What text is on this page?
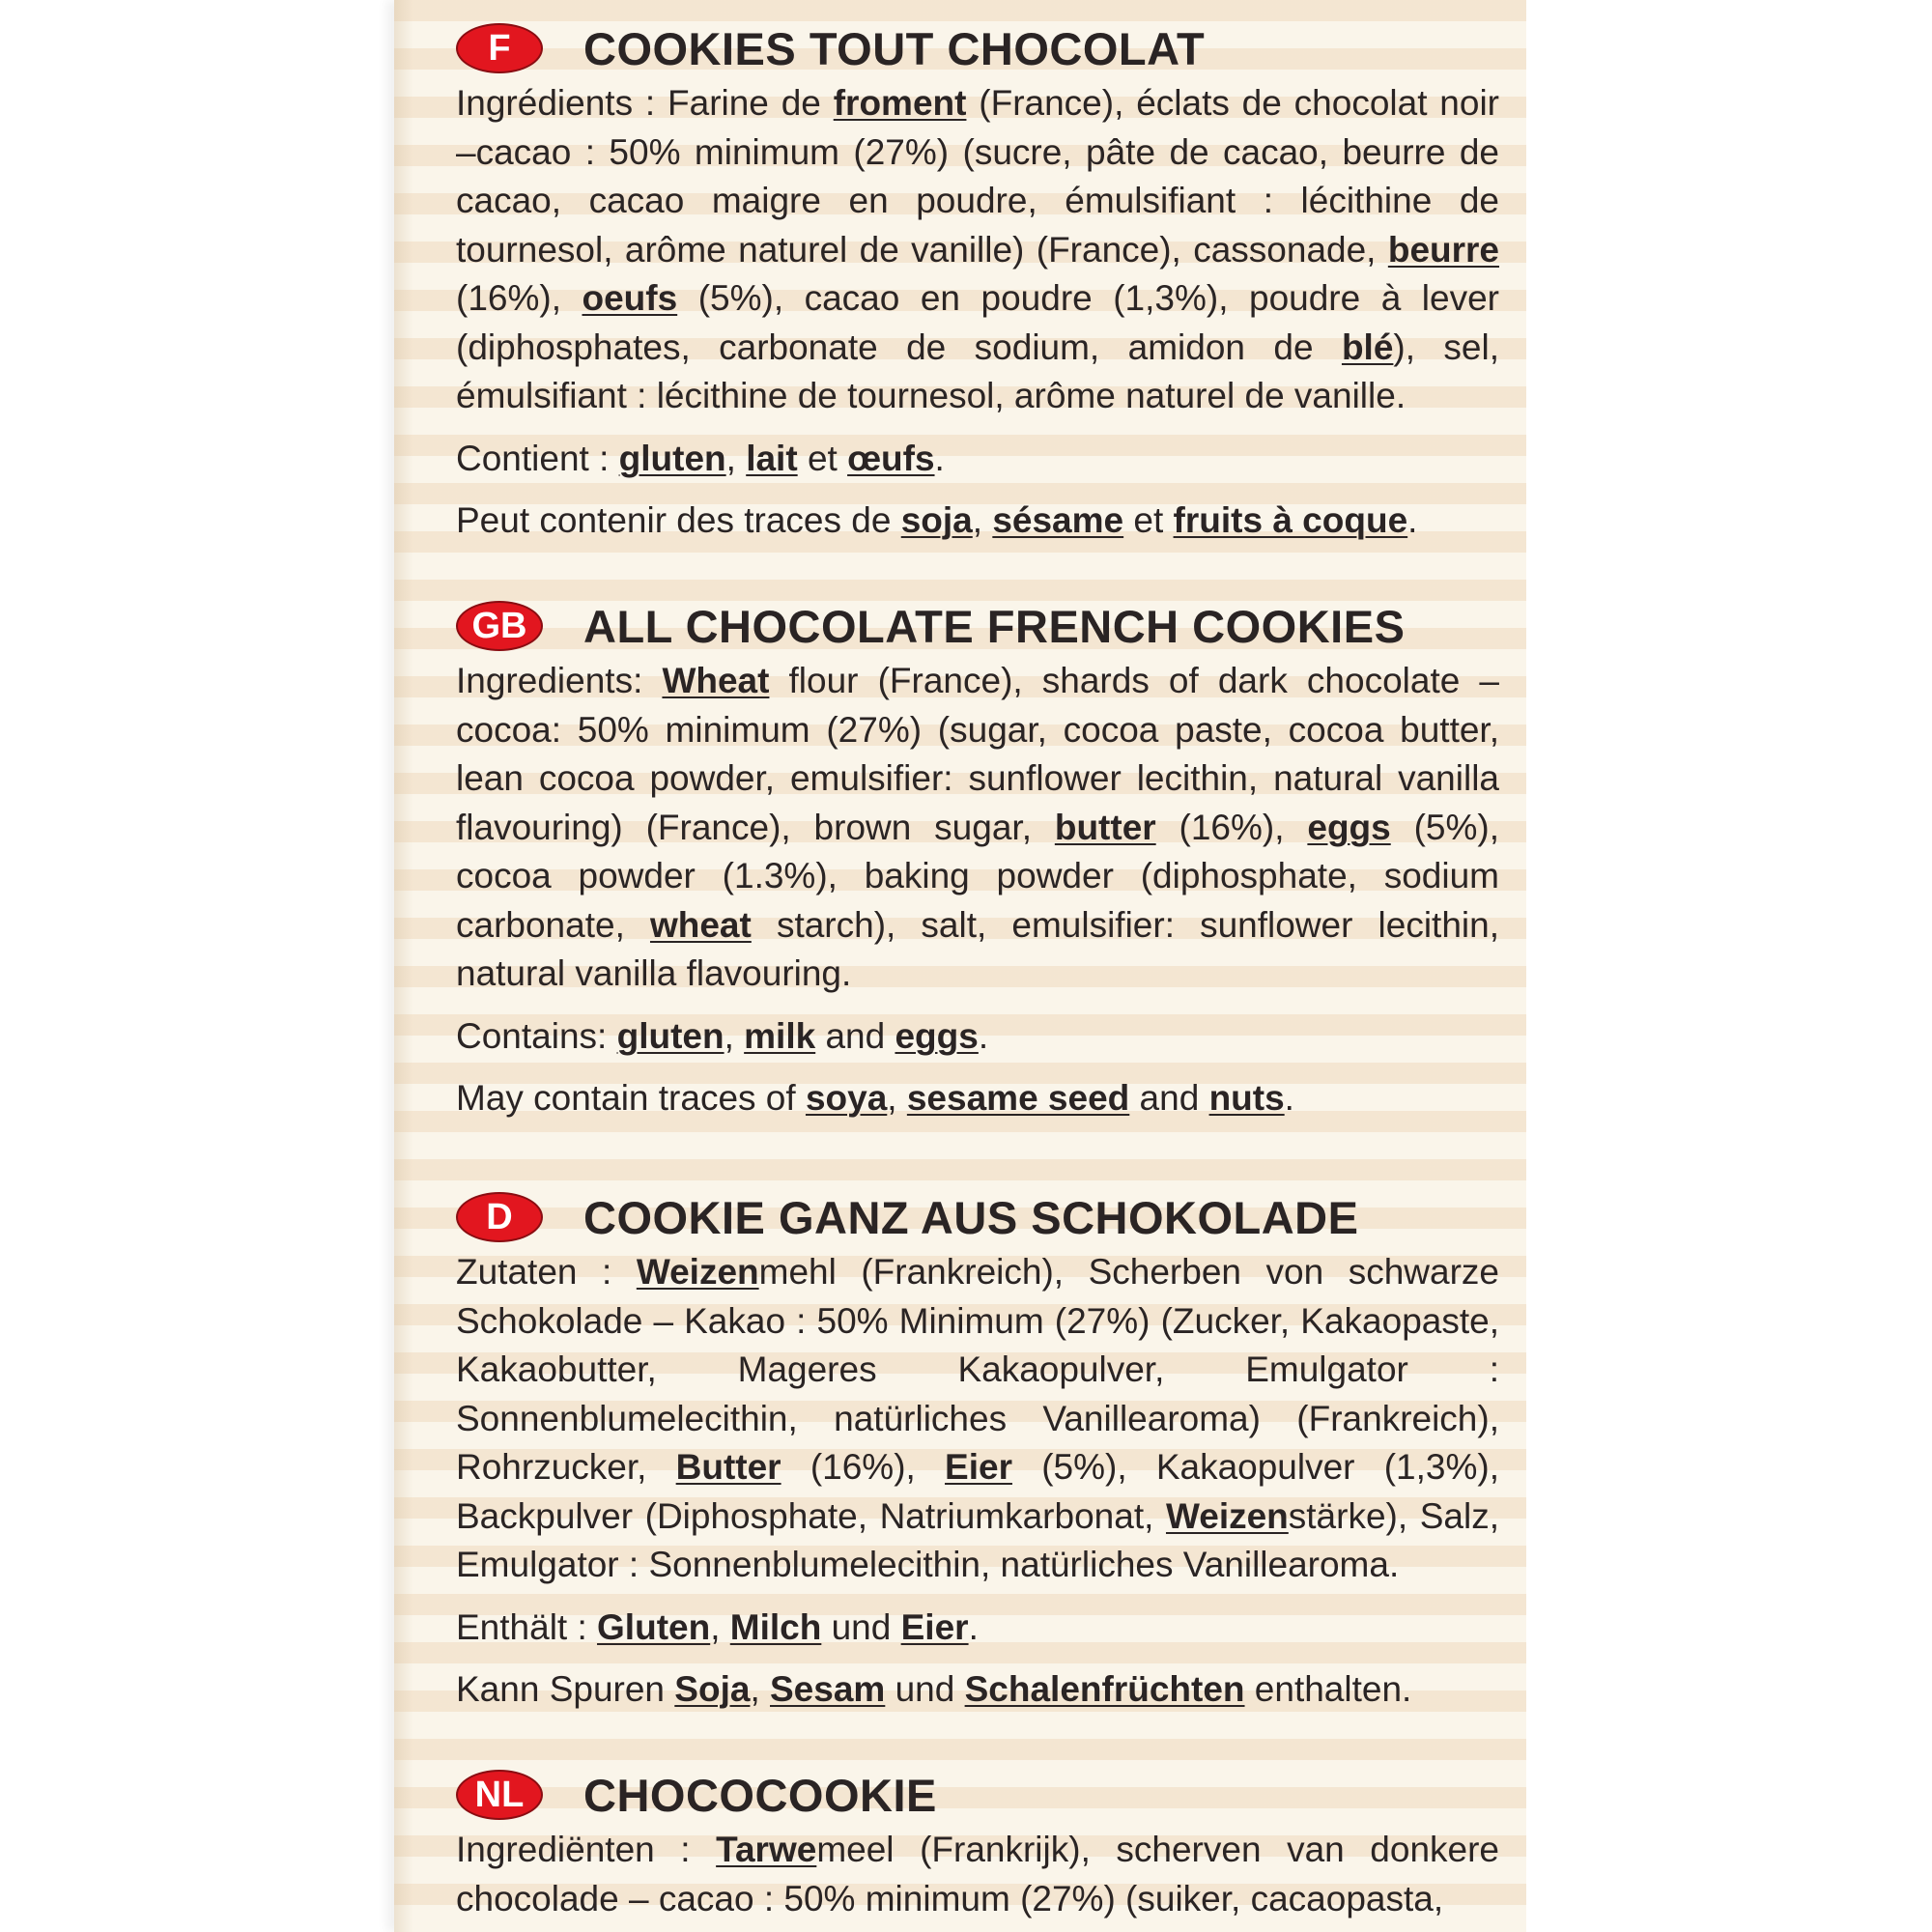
F	COOKIES TOUT CHOCOLAT

Ingrédients : Farine de froment (France), éclats de chocolat noir –cacao : 50% minimum (27%) (sucre, pâte de cacao, beurre de cacao, cacao maigre en poudre, émulsifiant : lécithine de tournesol, arôme naturel de vanille) (France), cassonade, beurre (16%), oeufs (5%), cacao en poudre (1,3%), poudre à lever (diphosphates, carbonate de sodium, amidon de blé), sel, émulsifiant : lécithine de tournesol, arôme naturel de vanille.

Contient : gluten, lait et œufs.

Peut contenir des traces de soja, sésame et fruits à coque.

GB	ALL CHOCOLATE FRENCH COOKIES

Ingredients: Wheat flour (France), shards of dark chocolate – cocoa: 50% minimum (27%) (sugar, cocoa paste, cocoa butter, lean cocoa powder, emulsifier: sunflower lecithin, natural vanilla flavouring) (France), brown sugar, butter (16%), eggs (5%), cocoa powder (1.3%), baking powder (diphosphate, sodium carbonate, wheat starch), salt, emulsifier: sunflower lecithin, natural vanilla flavouring.

Contains: gluten, milk and eggs.

May contain traces of soya, sesame seed and nuts.

D	COOKIE GANZ AUS SCHOKOLADE

Zutaten : Weizenmehl (Frankreich), Scherben von schwarze Schokolade – Kakao : 50% Minimum (27%) (Zucker, Kakaopaste, Kakaobutter, Mageres Kakaopulver, Emulgator : Sonnenblumelecithin, natürliches Vanillearoma) (Frankreich), Rohrzucker, Butter (16%), Eier (5%), Kakaopulver (1,3%), Backpulver (Diphosphate, Natriumkarbonat, Weizenstärke), Salz, Emulgator : Sonnenblumelecithin, natürliches Vanillearoma.

Enthält : Gluten, Milch und Eier.

Kann Spuren Soja, Sesam und Schalenfrüchten enthalten.

NL	CHOCOCOOKIE

Ingrediënten : Tarwemeel (Frankrijk), scherven van donkere chocolade – cacao : 50% minimum (27%) (suiker, cacaopasta,
